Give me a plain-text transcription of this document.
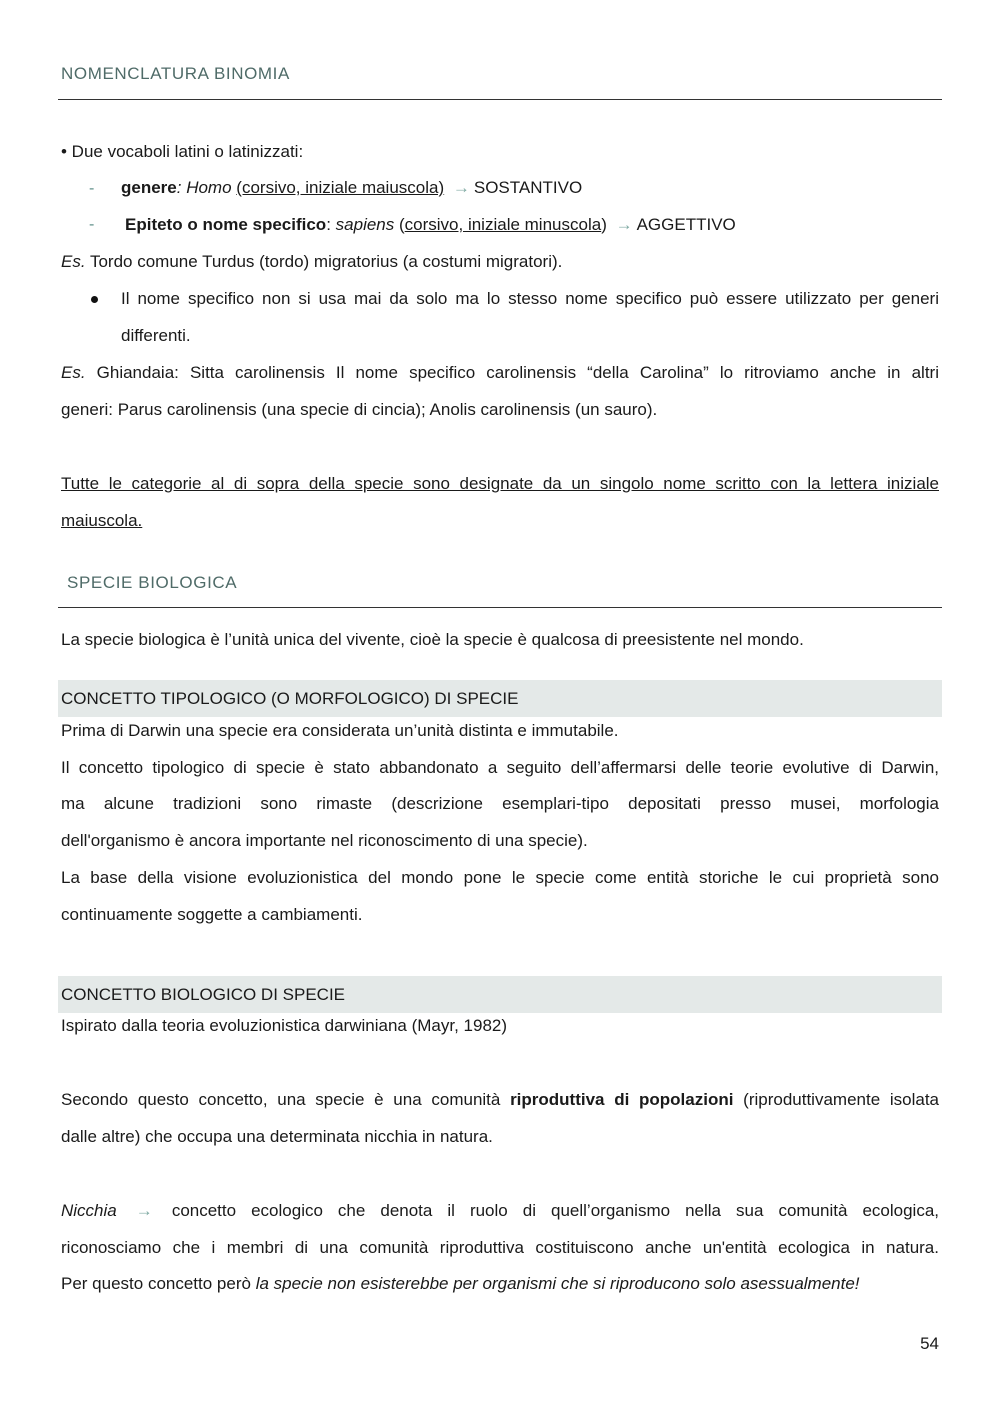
NOMENCLATURA BINOMIA
• Due vocaboli latini o latinizzati:
- genere: Homo (corsivo, iniziale maiuscola) → SOSTANTIVO
- Epiteto o nome specifico: sapiens (corsivo, iniziale minuscola) → AGGETTIVO
Es. Tordo comune Turdus (tordo) migratorius (a costumi migratori).
Il nome specifico non si usa mai da solo ma lo stesso nome specifico può essere utilizzato per generi
differenti.
Es. Ghiandaia: Sitta carolinensis Il nome specifico carolinensis “della Carolina” lo ritroviamo anche in altri
generi: Parus carolinensis (una specie di cincia); Anolis carolinensis (un sauro).
Tutte le categorie al di sopra della specie sono designate da un singolo nome scritto con la lettera iniziale
maiuscola.
SPECIE BIOLOGICA
La specie biologica è l’unità unica del vivente, cioè la specie è qualcosa di preesistente nel mondo.
CONCETTO TIPOLOGICO (O MORFOLOGICO) DI SPECIE
Prima di Darwin una specie era considerata un’unità distinta e immutabile.
Il concetto tipologico di specie è stato abbandonato a seguito dell’affermarsi delle teorie evolutive di Darwin,
ma alcune tradizioni sono rimaste (descrizione esemplari-tipo depositati presso musei, morfologia
dell'organismo è ancora importante nel riconoscimento di una specie).
La base della visione evoluzionistica del mondo pone le specie come entità storiche le cui proprietà sono
continuamente soggette a cambiamenti.
CONCETTO BIOLOGICO DI SPECIE
Ispirato dalla teoria evoluzionistica darwiniana (Mayr, 1982)
Secondo questo concetto, una specie è una comunità riproduttiva di popolazioni (riproduttivamente isolata
dalle altre) che occupa una determinata nicchia in natura.
Nicchia → concetto ecologico che denota il ruolo di quell’organismo nella sua comunità ecologica,
riconosciamo che i membri di una comunità riproduttiva costituiscono anche un'entità ecologica in natura.
Per questo concetto però la specie non esisterebbe per organismi che si riproducono solo asessualmente!
54
